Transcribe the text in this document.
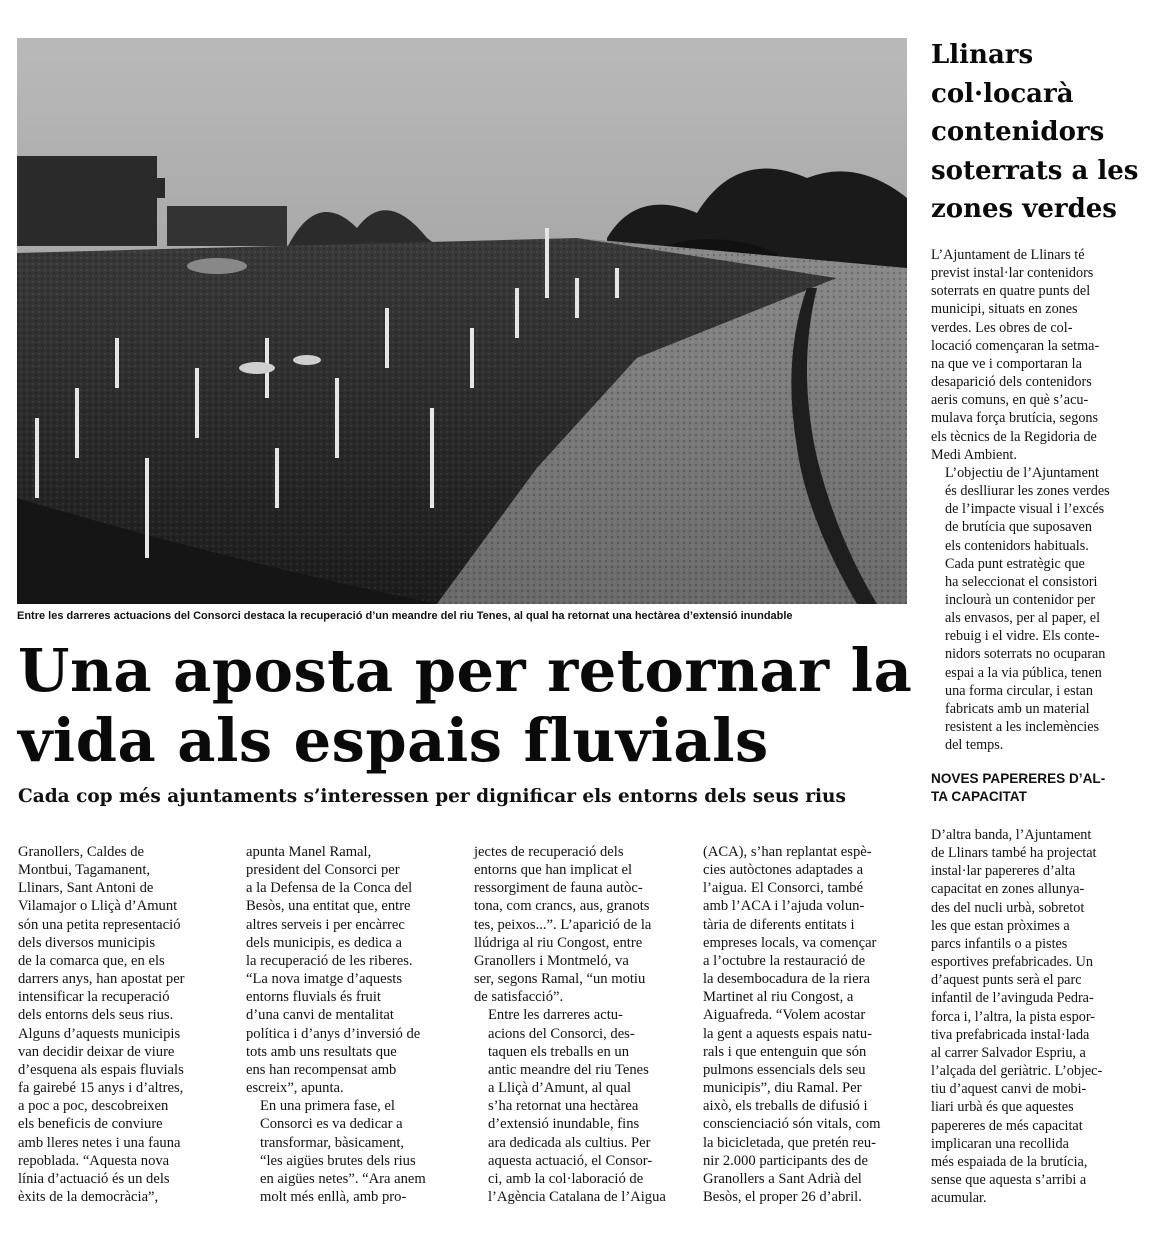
Entre les darreres actuacions del Consorci destaca la recuperació d’un meandre del riu Tenes, al qual ha retornat una hectàrea d’extensió inundable
Una aposta per retornar la
vida als espais fluvials
Cada cop més ajuntaments s’interessen per dignificar els entorns dels seus rius

Granollers, Caldes de
Montbui, Tagamanent,
Llinars, Sant Antoni de
Vilamajor o Lliçà d’Amunt
són una petita representació
dels diversos municipis
de la comarca que, en els
darrers anys, han apostat per
intensificar la recuperació
dels entorns dels seus rius.
Alguns d’aquests municipis
van decidir deixar de viure
d’esquena als espais fluvials
fa gairebé 15 anys i d’altres,
a poc a poc, descobreixen
els beneficis de conviure
amb lleres netes i una fauna
repoblada. “Aquesta nova
línia d’actuació és un dels
èxits de la democràcia”,

apunta Manel Ramal,
president del Consorci per
a la Defensa de la Conca del
Besòs, una entitat que, entre
altres serveis i per encàrrec
dels municipis, es dedica a
la recuperació de les riberes.
“La nova imatge d’aquests
entorns fluvials és fruit
d’una canvi de mentalitat
política i d’anys d’inversió de
tots amb uns resultats que
ens han recompensat amb
escreix”, apunta.

En una primera fase, el
Consorci es va dedicar a
transformar, bàsicament,
“les aigües brutes dels rius
en aigües netes”. “Ara anem
molt més enllà, amb pro-

jectes de recuperació dels
entorns que han implicat el
ressorgiment de fauna autòc-
tona, com crancs, aus, granots
tes, peixos...”. L’aparició de la
llúdriga al riu Congost, entre
Granollers i Montmeló, va
ser, segons Ramal, “un motiu
de satisfacció”.

Entre les darreres actu-
acions del Consorci, des-
taquen els treballs en un
antic meandre del riu Tenes
a Lliçà d’Amunt, al qual
s’ha retornat una hectàrea
d’extensió inundable, fins
ara dedicada als cultius. Per
aquesta actuació, el Consor-
ci, amb la col·laboració de
l’Agència Catalana de l’Aigua

(ACA), s’han replantat espè-
cies autòctones adaptades a
l’aigua. El Consorci, també
amb l’ACA i l’ajuda volun-
tària de diferents entitats i
empreses locals, va començar
a l’octubre la restauració de
la desembocadura de la riera
Martinet al riu Congost, a
Aiguafreda. “Volem acostar
la gent a aquests espais natu-
rals i que entenguin que són
pulmons essencials dels seu
municipis”, diu Ramal. Per
això, els treballs de difusió i
conscienciació són vitals, com
la bicicletada, que pretén reu-
nir 2.000 participants des de
Granollers a Sant Adrià del
Besòs, el proper 26 d’abril.

Llinars
col·locarà
contenidors
soterrats a les
zones verdes

L’Ajuntament de Llinars té
previst instal·lar contenidors
soterrats en quatre punts del
municipi, situats en zones
verdes. Les obres de col-
locació començaran la setma-
na que ve i comportaran la
desaparició dels contenidors
aeris comuns, en què s’acu-
mulava força brutícia, segons
els tècnics de la Regidoria de
Medi Ambient.

L’objectiu de l’Ajuntament
és deslliurar les zones verdes
de l’impacte visual i l’excés
de brutícia que suposaven
els contenidors habituals.
Cada punt estratègic que
ha seleccionat el consistori
inclourà un contenidor per
als envasos, per al paper, el
rebuig i el vidre. Els conte-
nidors soterrats no ocuparan
espai a la via pública, tenen
una forma circular, i estan
fabricats amb un material
resistent a les inclemències
del temps.

NOVES PAPERERES D’AL-
TA CAPACITAT

D’altra banda, l’Ajuntament
de Llinars també ha projectat
instal·lar papereres d’alta
capacitat en zones allunya-
des del nucli urbà, sobretot
les que estan pròximes a
parcs infantils o a pistes
esportives prefabricades. Un
d’aquest punts serà el parc
infantil de l’avinguda Pedra-
forca i, l’altra, la pista espor-
tiva prefabricada instal·lada
al carrer Salvador Espriu, a
l’alçada del geriàtric. L’objec-
tiu d’aquest canvi de mobi-
liari urbà és que aquestes
papereres de més capacitat
implicaran una recollida
més espaiada de la brutícia,
sense que aquesta s’arribi a
acumular.
